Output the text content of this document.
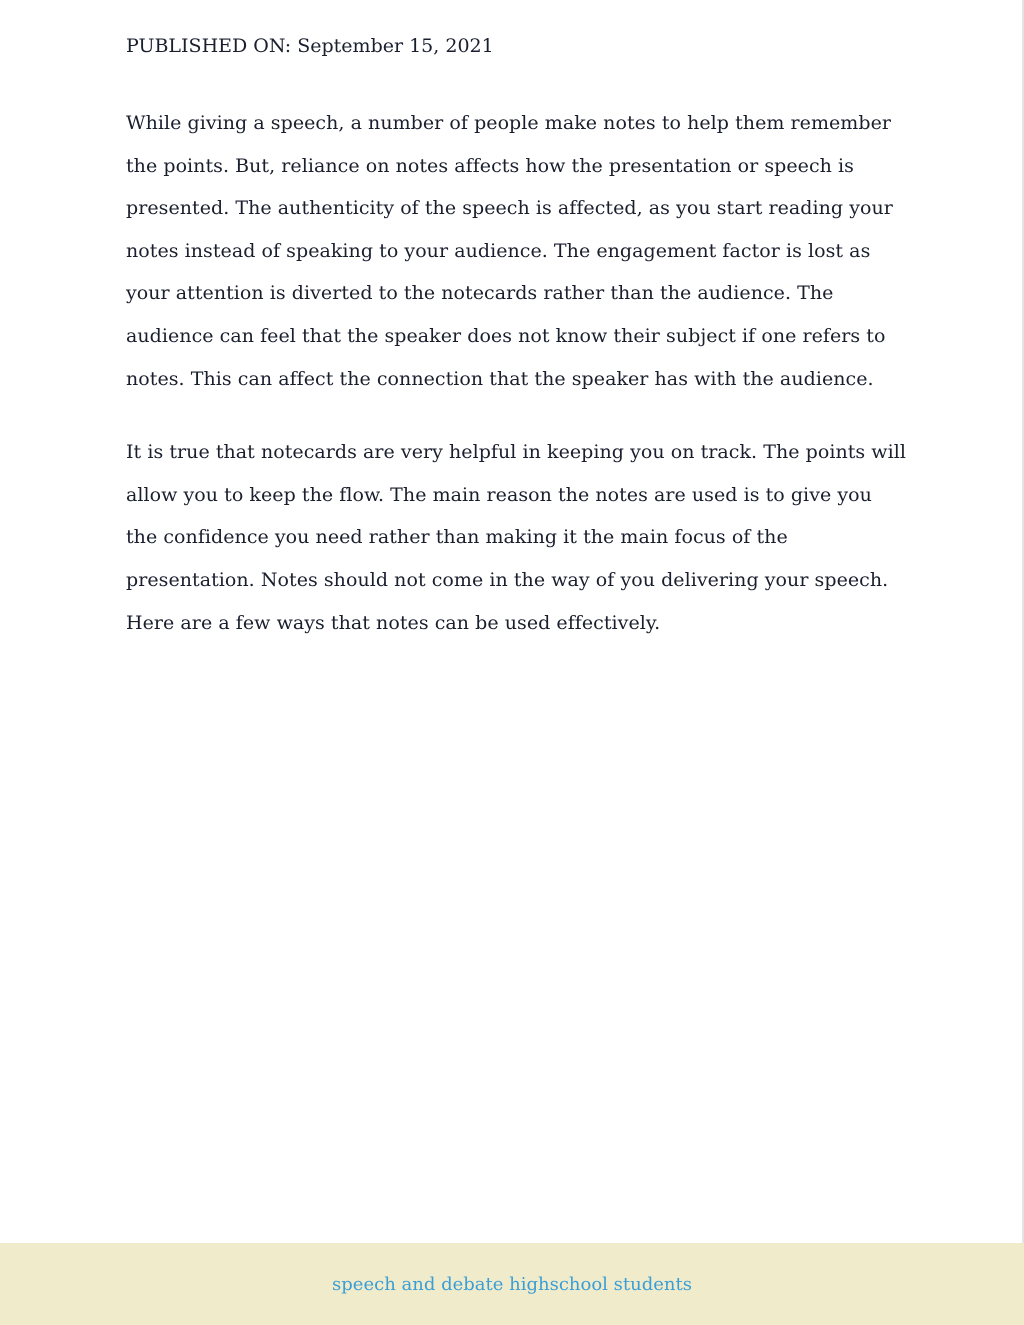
PUBLISHED ON: September 15, 2021

While giving a speech, a number of people make notes to help them remember the points. But, reliance on notes affects how the presentation or speech is presented. The authenticity of the speech is affected, as you start reading your notes instead of speaking to your audience. The engagement factor is lost as your attention is diverted to the notecards rather than the audience. The audience can feel that the speaker does not know their subject if one refers to notes. This can affect the connection that the speaker has with the audience.

It is true that notecards are very helpful in keeping you on track. The points will allow you to keep the flow. The main reason the notes are used is to give you the confidence you need rather than making it the main focus of the presentation. Notes should not come in the way of you delivering your speech. Here are a few ways that notes can be used effectively.

speech and debate highschool students
